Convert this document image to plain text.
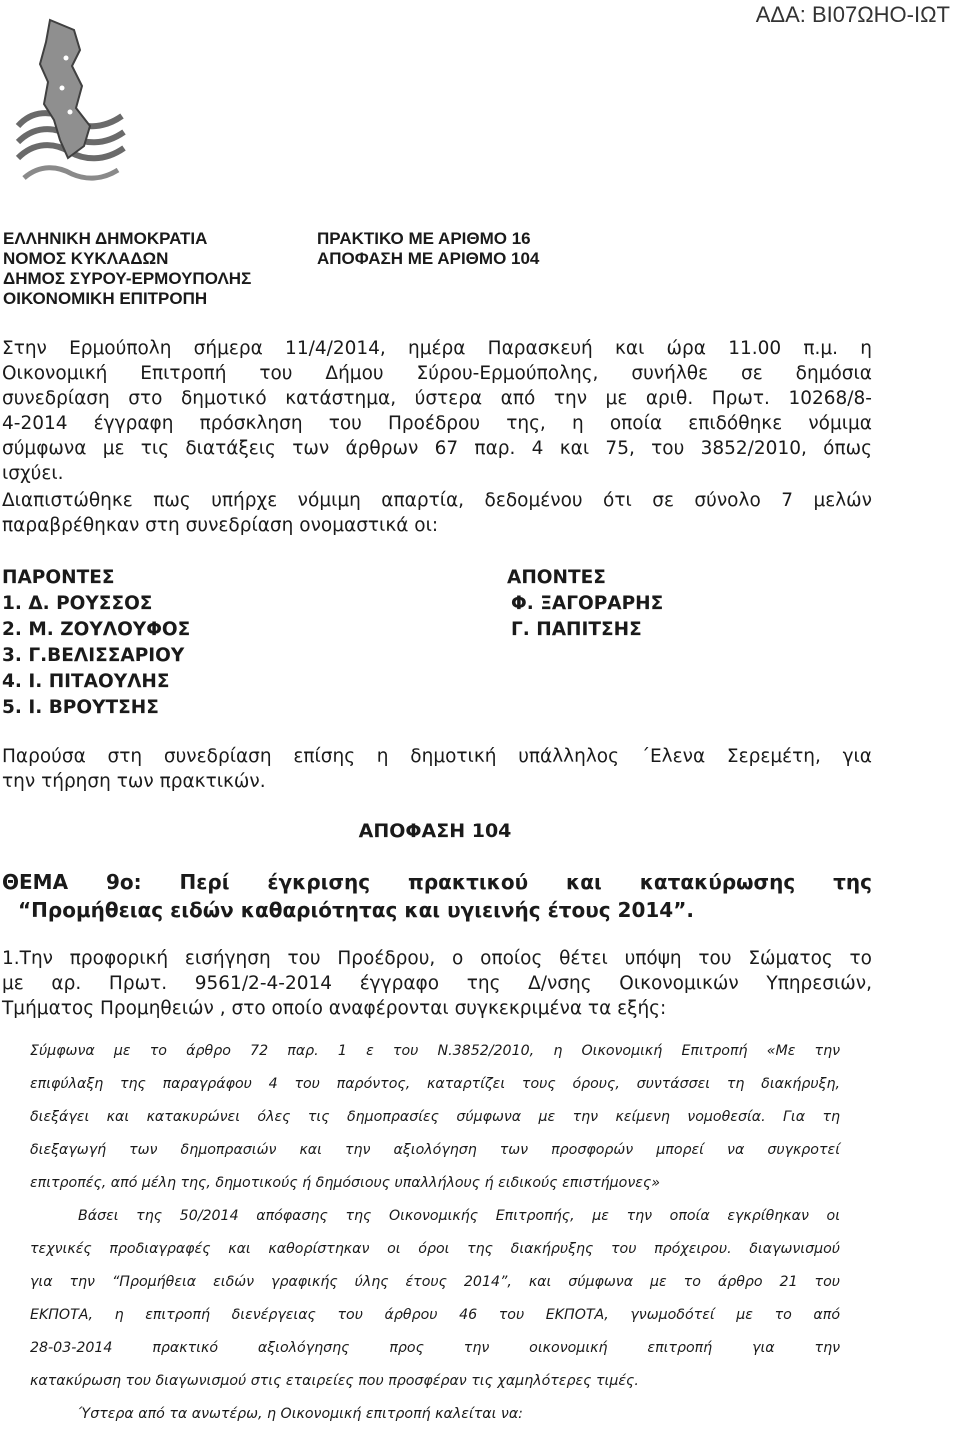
ΑΔΑ: ΒΙ07ΩΗΟ-ΙΩΤ
ΕΛΛΗΝΙΚΗ ΔΗΜΟΚΡΑΤΙΑ
ΝΟΜΟΣ ΚΥΚΛΑΔΩΝ
ΔΗΜΟΣ ΣΥΡΟΥ-ΕΡΜΟΥΠΟΛΗΣ
ΟΙΚΟΝΟΜΙΚΗ ΕΠΙΤΡΟΠΗ
ΠΡΑΚΤΙΚΟ ΜΕ ΑΡΙΘΜΟ 16
ΑΠΟΦΑΣΗ ΜΕ ΑΡΙΘΜΟ 104
Στην Ερμούπολη σήμερα 11/4/2014, ημέρα Παρασκευή και ώρα 11.00 π.μ. η
Οικονομική Επιτροπή του Δήμου Σύρου-Ερμούπολης, συνήλθε σε δημόσια
συνεδρίαση στο δημοτικό κατάστημα, ύστερα από την με αριθ. Πρωτ. 10268/8-
4-2014 έγγραφη πρόσκληση του Προέδρου της, η οποία επιδόθηκε νόμιμα
σύμφωνα με τις διατάξεις των άρθρων 67 παρ. 4 και 75, του 3852/2010, όπως
ισχύει.
Διαπιστώθηκε πως υπήρχε νόμιμη απαρτία, δεδομένου ότι σε σύνολο 7 μελών
παραβρέθηκαν στη συνεδρίαση ονομαστικά οι:
ΠΑΡΟΝΤΕΣ
1. Δ. ΡΟΥΣΣΟΣ
2. Μ. ΖΟΥΛΟΥΦΟΣ
3. Γ.ΒΕΛΙΣΣΑΡΙΟΥ
4. Ι. ΠΙΤΑΟΥΛΗΣ
5. Ι. ΒΡΟΥΤΣΗΣ
ΑΠΟΝΤΕΣ
Φ. ΞΑΓΟΡΑΡΗΣ
Γ. ΠΑΠΙΤΣΗΣ
Παρούσα στη συνεδρίαση επίσης η δημοτική υπάλληλος ΄Ελενα Σερεμέτη, για
την τήρηση των πρακτικών.
ΑΠΟΦΑΣΗ 104
ΘΕΜΑ 9ο: Περί έγκρισης πρακτικού και κατακύρωσης της
“Προμήθειας ειδών καθαριότητας και υγιεινής έτους 2014”.
1.Την προφορική εισήγηση του Προέδρου, ο οποίος θέτει υπόψη του Σώματος το
με αρ. Πρωτ. 9561/2-4-2014 έγγραφο της Δ/νσης Οικονομικών Υπηρεσιών,
Τμήματος Προμηθειών , στο οποίο αναφέρονται συγκεκριμένα τα εξής:
Σύμφωνα με το άρθρο 72 παρ. 1 ε του Ν.3852/2010, η Οικονομική Επιτροπή «Με την
επιφύλαξη της παραγράφου 4 του παρόντος, καταρτίζει τους όρους, συντάσσει τη διακήρυξη,
διεξάγει και κατακυρώνει όλες τις δημοπρασίες σύμφωνα με την κείμενη νομοθεσία. Για τη
διεξαγωγή των δημοπρασιών και την αξιολόγηση των προσφορών μπορεί να συγκροτεί
επιτροπές, από μέλη της, δημοτικούς ή δημόσιους υπαλλήλους ή ειδικούς επιστήμονες»
Βάσει της 50/2014 απόφασης της Οικονομικής Επιτροπής, με την οποία εγκρίθηκαν οι
τεχνικές προδιαγραφές και καθορίστηκαν οι όροι της διακήρυξης του πρόχειρου. διαγωνισμού
για την “Προμήθεια ειδών γραφικής ύλης έτους 2014”, και σύμφωνα με το άρθρο 21 του
ΕΚΠΟΤΑ, η επιτροπή διενέργειας του άρθρου 46 του ΕΚΠΟΤΑ, γνωμοδότεί με το από
28-03-2014 πρακτικό αξιολόγησης προς την οικονομική επιτροπή για την
κατακύρωση του διαγωνισμού στις εταιρείες που προσφέραν τις χαμηλότερες τιμές.
Ύστερα από τα ανωτέρω, η Οικονομική επιτροπή καλείται να:
